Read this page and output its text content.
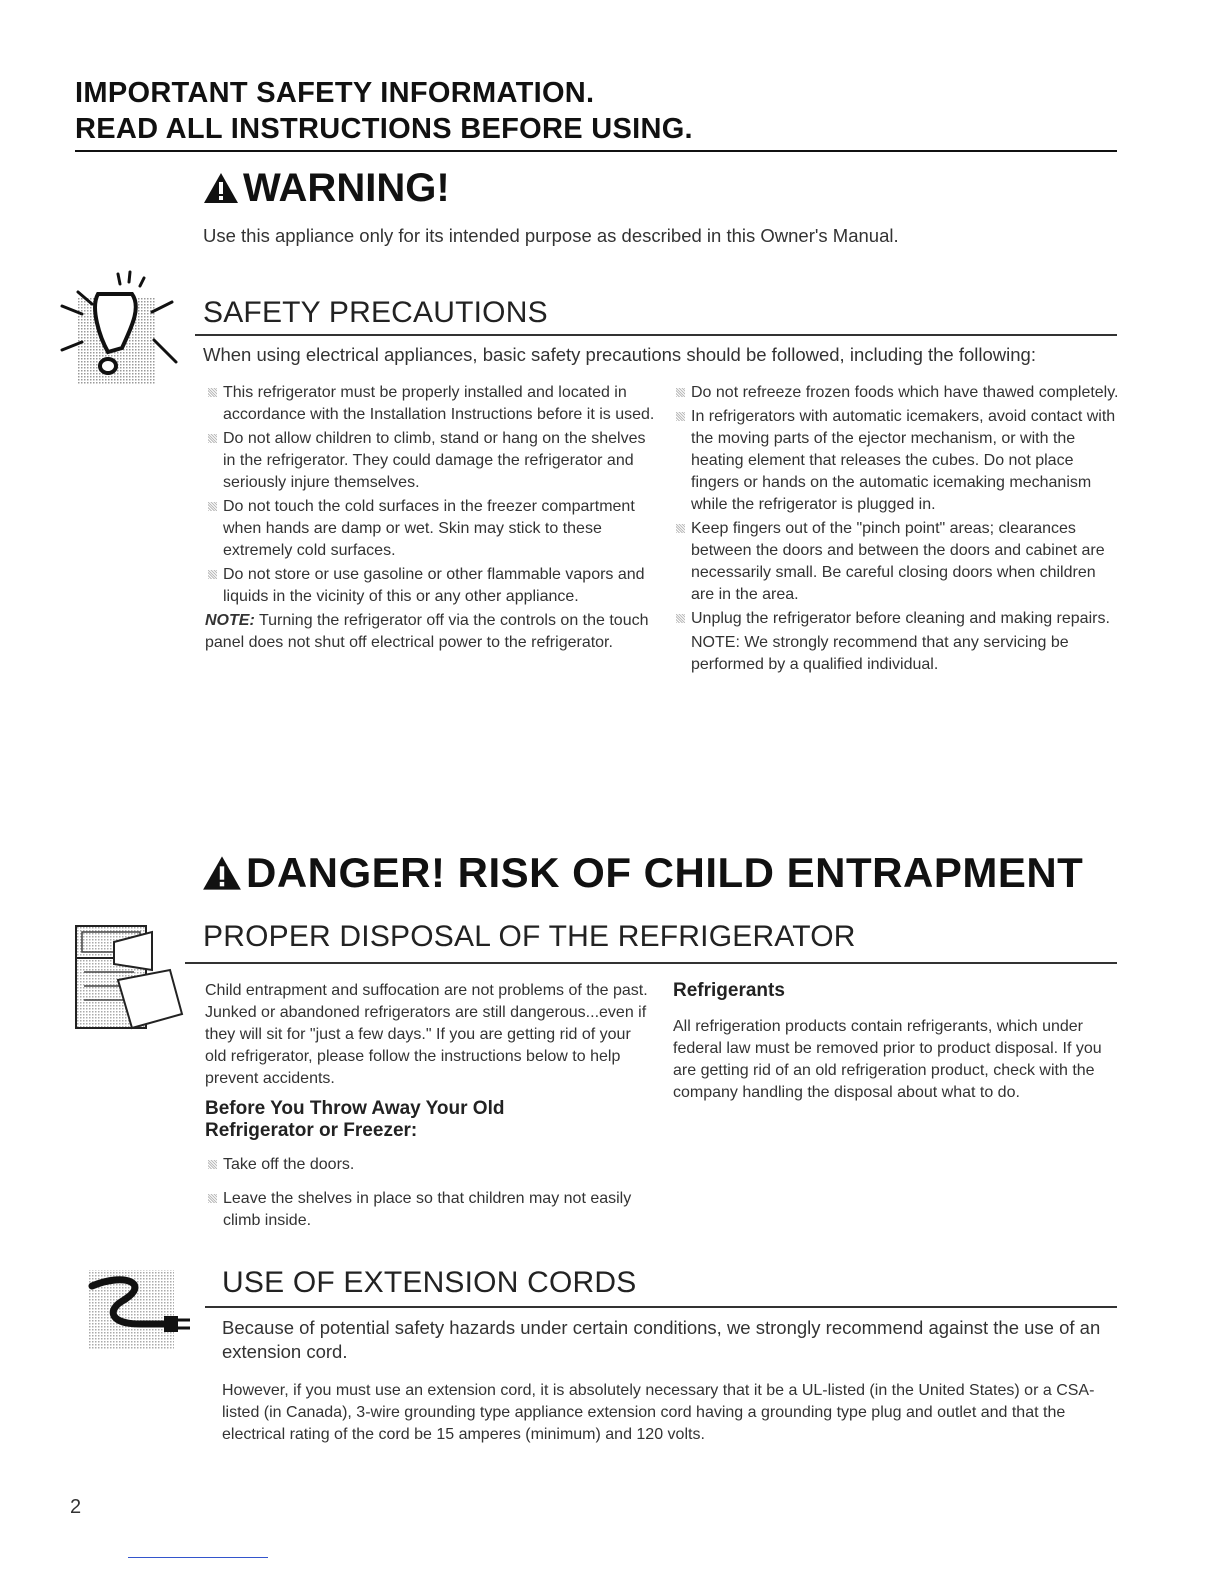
IMPORTANT SAFETY INFORMATION.
READ ALL INSTRUCTIONS BEFORE USING.
WARNING!
Use this appliance only for its intended purpose as described in this Owner's Manual.
SAFETY PRECAUTIONS
When using electrical appliances, basic safety precautions should be followed, including the following:
This refrigerator must be properly installed and located in accordance with the Installation Instructions before it is used.
Do not allow children to climb, stand or hang on the shelves in the refrigerator. They could damage the refrigerator and seriously injure themselves.
Do not touch the cold surfaces in the freezer compartment when hands are damp or wet. Skin may stick to these extremely cold surfaces.
Do not store or use gasoline or other flammable vapors and liquids in the vicinity of this or any other appliance.
NOTE: Turning the refrigerator off via the controls on the touch panel does not shut off electrical power to the refrigerator.
Do not refreeze frozen foods which have thawed completely.
In refrigerators with automatic icemakers, avoid contact with the moving parts of the ejector mechanism, or with the heating element that releases the cubes. Do not place fingers or hands on the automatic icemaking mechanism while the refrigerator is plugged in.
Keep fingers out of the "pinch point" areas; clearances between the doors and between the doors and cabinet are necessarily small. Be careful closing doors when children are in the area.
Unplug the refrigerator before cleaning and making repairs.
NOTE: We strongly recommend that any servicing be performed by a qualified individual.
DANGER! RISK OF CHILD ENTRAPMENT
PROPER DISPOSAL OF THE REFRIGERATOR
Child entrapment and suffocation are not problems of the past. Junked or abandoned refrigerators are still dangerous...even if they will sit for "just a few days." If you are getting rid of your old refrigerator, please follow the instructions below to help prevent accidents.
Before You Throw Away Your Old Refrigerator or Freezer:
Take off the doors.
Leave the shelves in place so that children may not easily climb inside.
Refrigerants
All refrigeration products contain refrigerants, which under federal law must be removed prior to product disposal. If you are getting rid of an old refrigeration product, check with the company handling the disposal about what to do.
USE OF EXTENSION CORDS
Because of potential safety hazards under certain conditions, we strongly recommend against the use of an extension cord.
However, if you must use an extension cord, it is absolutely necessary that it be a UL-listed (in the United States) or a CSA-listed (in Canada), 3-wire grounding type appliance extension cord having a grounding type plug and outlet and that the electrical rating of the cord be 15 amperes (minimum) and 120 volts.
2
